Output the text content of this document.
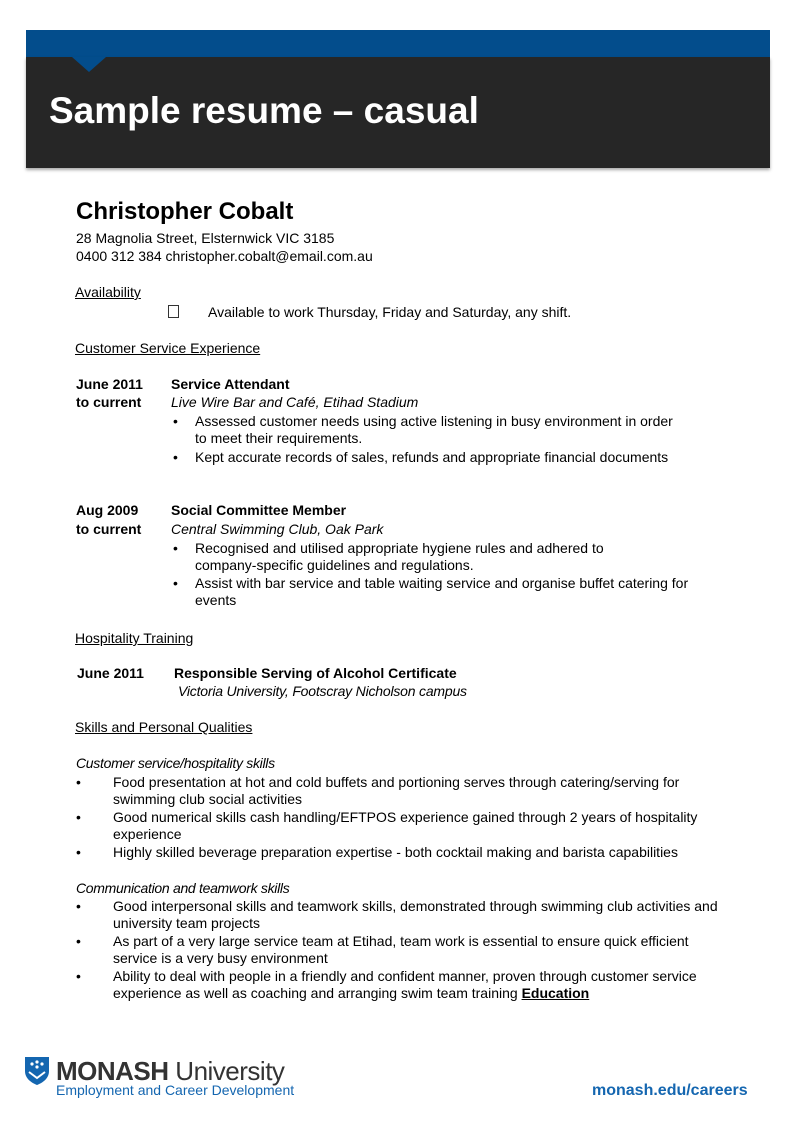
Sample resume – casual
Christopher Cobalt
28 Magnolia Street, Elsternwick VIC 3185
0400 312 384 christopher.cobalt@email.com.au
Availability
Available to work Thursday, Friday and Saturday, any shift.
Customer Service Experience
June 2011
to current
Service Attendant
Live Wire Bar and Café, Etihad Stadium
• Assessed customer needs using active listening in busy environment in order to meet their requirements.
• Kept accurate records of sales, refunds and appropriate financial documents
Aug 2009
to current
Social Committee Member
Central Swimming Club, Oak Park
• Recognised and utilised appropriate hygiene rules and adhered to company-specific guidelines and regulations.
• Assist with bar service and table waiting service and organise buffet catering for events
Hospitality Training
June 2011 Responsible Serving of Alcohol Certificate
Victoria University, Footscray Nicholson campus
Skills and Personal Qualities
Customer service/hospitality skills
• Food presentation at hot and cold buffets and portioning serves through catering/serving for swimming club social activities
• Good numerical skills cash handling/EFTPOS experience gained through 2 years of hospitality experience
• Highly skilled beverage preparation expertise - both cocktail making and barista capabilities
Communication and teamwork skills
• Good interpersonal skills and teamwork skills, demonstrated through swimming club activities and university team projects
• As part of a very large service team at Etihad, team work is essential to ensure quick efficient service is a very busy environment
• Ability to deal with people in a friendly and confident manner, proven through customer service experience as well as coaching and arranging swim team training Education
MONASH University
Employment and Career Development	monash.edu/careers
